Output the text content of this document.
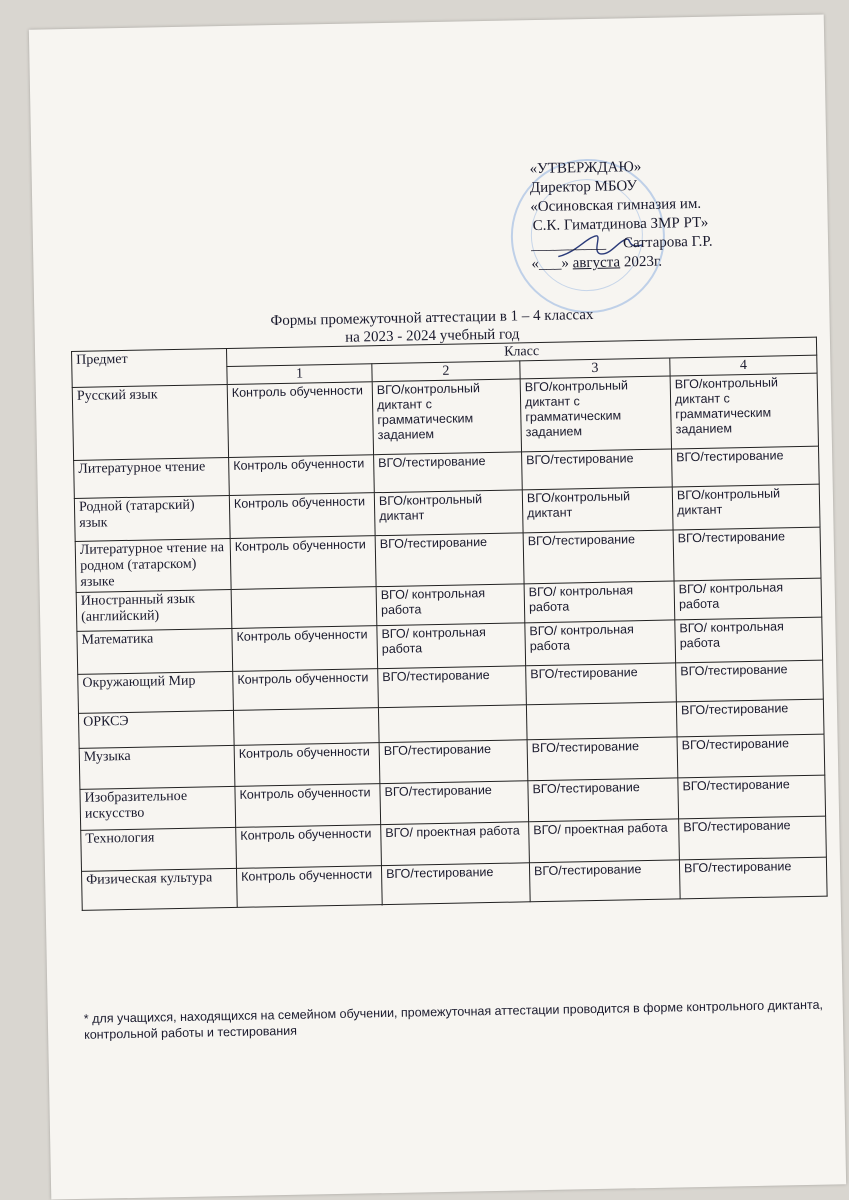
«УТВЕРЖДАЮ»
Директор МБОУ
«Осиновская гимназия им.
С.К. Гиматдинова ЗМР РТ»
__________ Саттарова Г.Р.
«___» августа 2023г.
Формы промежуточной аттестации в 1 – 4 классах
на 2023 - 2024 учебный год
Предмет	Класс			
	1	2	3	4
Русский язык	Контроль обученности	ВГО/контрольный диктант с грамматическим заданием	ВГО/контрольный диктант с грамматическим заданием	ВГО/контрольный диктант с грамматическим заданием
Литературное чтение	Контроль обученности	ВГО/тестирование	ВГО/тестирование	ВГО/тестирование
Родной (татарский) язык	Контроль обученности	ВГО/контрольный диктант	ВГО/контрольный диктант	ВГО/контрольный диктант
Литературное чтение на родном (татарском) языке	Контроль обученности	ВГО/тестирование	ВГО/тестирование	ВГО/тестирование
Иностранный язык (английский)		ВГО/ контрольная работа	ВГО/ контрольная работа	ВГО/ контрольная работа
Математика	Контроль обученности	ВГО/ контрольная работа	ВГО/ контрольная работа	ВГО/ контрольная работа
Окружающий Мир	Контроль обученности	ВГО/тестирование	ВГО/тестирование	ВГО/тестирование
ОРКСЭ				ВГО/тестирование
Музыка	Контроль обученности	ВГО/тестирование	ВГО/тестирование	ВГО/тестирование
Изобразительное искусство	Контроль обученности	ВГО/тестирование	ВГО/тестирование	ВГО/тестирование
Технология	Контроль обученности	ВГО/ проектная работа	ВГО/ проектная работа	ВГО/тестирование
Физическая культура	Контроль обученности	ВГО/тестирование	ВГО/тестирование	ВГО/тестирование
* для учащихся, находящихся на семейном обучении, промежуточная аттестации проводится в форме контрольного диктанта, контрольной работы и тестирования
